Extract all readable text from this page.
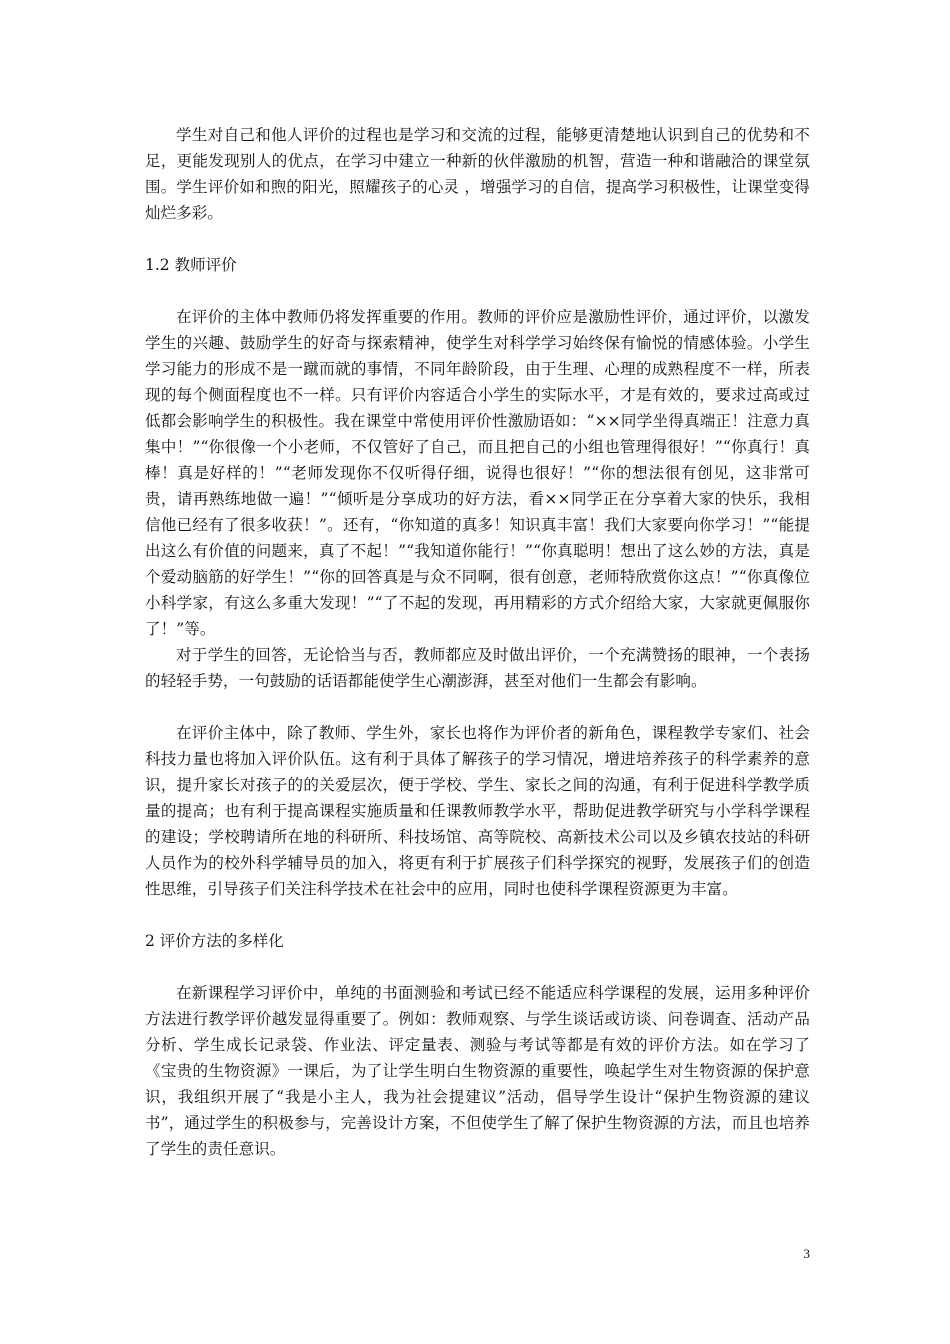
学生对自己和他人评价的过程也是学习和交流的过程，能够更清楚地认识到自己的优势和不足，更能发现别人的优点，在学习中建立一种新的伙伴激励的机智，营造一种和谐融洽的课堂氛围。学生评价如和煦的阳光，照耀孩子的心灵 ，增强学习的自信，提高学习积极性，让课堂变得灿烂多彩。

1.2 教师评价

在评价的主体中教师仍将发挥重要的作用。教师的评价应是激励性评价，通过评价，以激发学生的兴趣、鼓励学生的好奇与探索精神，使学生对科学学习始终保有愉悦的情感体验。小学生学习能力的形成不是一蹴而就的事情，不同年龄阶段，由于生理、心理的成熟程度不一样，所表现的每个侧面程度也不一样。只有评价内容适合小学生的实际水平，才是有效的，要求过高或过低都会影响学生的积极性。我在课堂中常使用评价性激励语如：“××同学坐得真端正！注意力真集中！”“你很像一个小老师，不仅管好了自己，而且把自己的小组也管理得很好！”“你真行！真棒！真是好样的！”“老师发现你不仅听得仔细，说得也很好！”“你的想法很有创见，这非常可贵，请再熟练地做一遍！”“倾听是分享成功的好方法，看××同学正在分享着大家的快乐，我相信他已经有了很多收获！”。还有，“你知道的真多！知识真丰富！我们大家要向你学习！”“能提出这么有价值的问题来，真了不起！”“我知道你能行！”“你真聪明！想出了这么妙的方法，真是个爱动脑筋的好学生！”“你的回答真是与众不同啊，很有创意，老师特欣赏你这点！”“你真像位小科学家，有这么多重大发现！”“了不起的发现，再用精彩的方式介绍给大家，大家就更佩服你了！”等。

对于学生的回答，无论恰当与否，教师都应及时做出评价，一个充满赞扬的眼神，一个表扬的轻轻手势，一句鼓励的话语都能使学生心潮澎湃，甚至对他们一生都会有影响。

在评价主体中，除了教师、学生外，家长也将作为评价者的新角色，课程教学专家们、社会科技力量也将加入评价队伍。这有利于具体了解孩子的学习情况，增进培养孩子的科学素养的意识，提升家长对孩子的的关爱层次，便于学校、学生、家长之间的沟通，有利于促进科学教学质量的提高；也有利于提高课程实施质量和任课教师教学水平，帮助促进教学研究与小学科学课程的建设；学校聘请所在地的科研所、科技场馆、高等院校、高新技术公司以及乡镇农技站的科研人员作为的校外科学辅导员的加入，将更有利于扩展孩子们科学探究的视野，发展孩子们的创造性思维，引导孩子们关注科学技术在社会中的应用，同时也使科学课程资源更为丰富。

2 评价方法的多样化

在新课程学习评价中，单纯的书面测验和考试已经不能适应科学课程的发展，运用多种评价方法进行教学评价越发显得重要了。例如：教师观察、与学生谈话或访谈、问卷调查、活动产品分析、学生成长记录袋、作业法、评定量表、测验与考试等都是有效的评价方法。如在学习了《宝贵的生物资源》一课后，为了让学生明白生物资源的重要性，唤起学生对生物资源的保护意识，我组织开展了“我是小主人，我为社会提建议”活动，倡导学生设计“保护生物资源的建议书”，通过学生的积极参与，完善设计方案，不但使学生了解了保护生物资源的方法，而且也培养了学生的责任意识。

3
